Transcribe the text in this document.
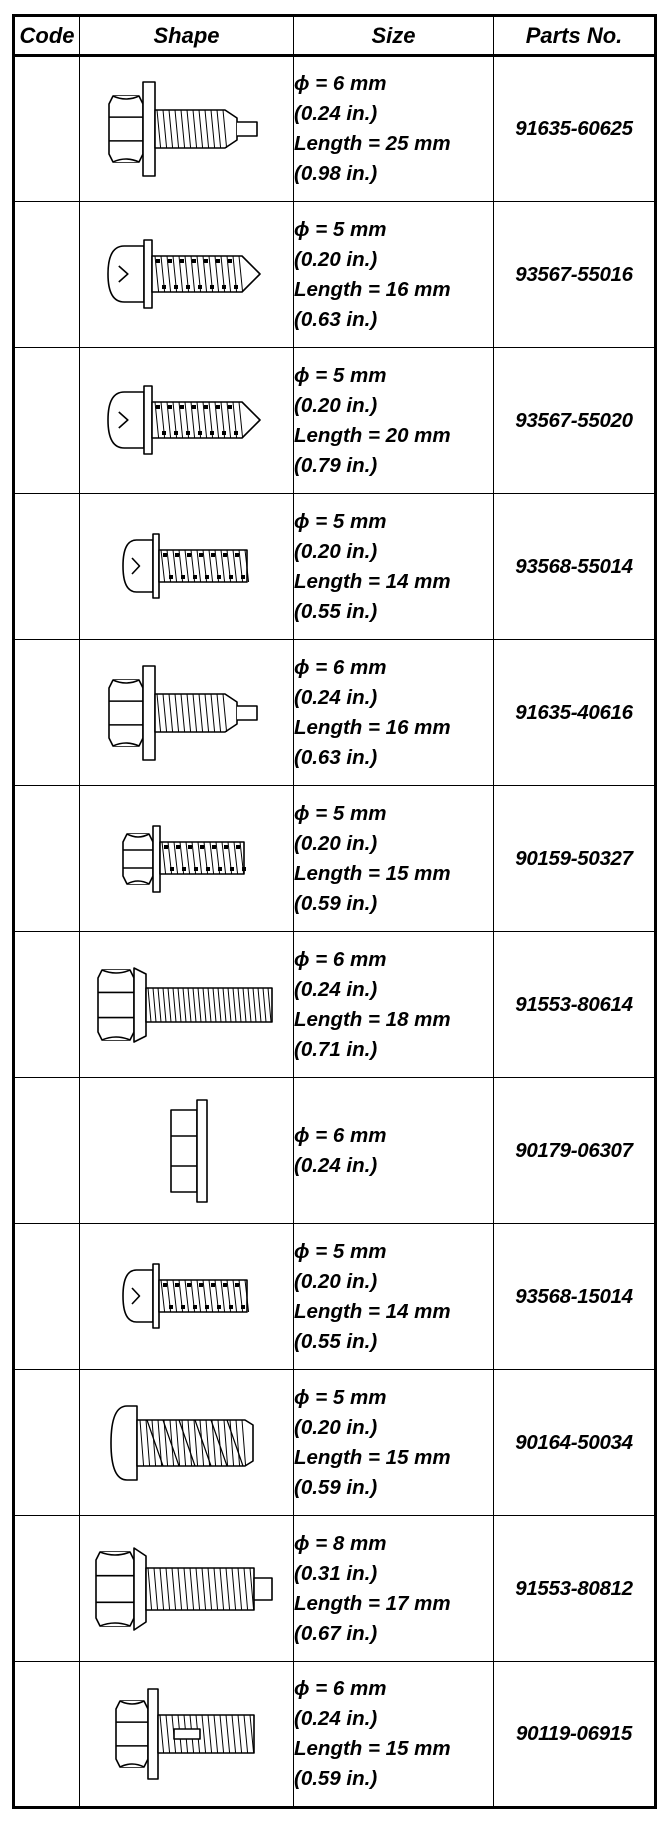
Code	Shape	Size	Parts No.

ϕ = 6 mm
(0.24 in.)
Length = 25 mm
(0.98 in.)	91635-60625

ϕ = 5 mm
(0.20 in.)
Length = 16 mm
(0.63 in.)	93567-55016

ϕ = 5 mm
(0.20 in.)
Length = 20 mm
(0.79 in.)	93567-55020

ϕ = 5 mm
(0.20 in.)
Length = 14 mm
(0.55 in.)	93568-55014

ϕ = 6 mm
(0.24 in.)
Length = 16 mm
(0.63 in.)	91635-40616

ϕ = 5 mm
(0.20 in.)
Length = 15 mm
(0.59 in.)	90159-50327

ϕ = 6 mm
(0.24 in.)
Length = 18 mm
(0.71 in.)	91553-80614

ϕ = 6 mm
(0.24 in.)	90179-06307

ϕ = 5 mm
(0.20 in.)
Length = 14 mm
(0.55 in.)	93568-15014

ϕ = 5 mm
(0.20 in.)
Length = 15 mm
(0.59 in.)	90164-50034

ϕ = 8 mm
(0.31 in.)
Length = 17 mm
(0.67 in.)	91553-80812

ϕ = 6 mm
(0.24 in.)
Length = 15 mm
(0.59 in.)	90119-06915
